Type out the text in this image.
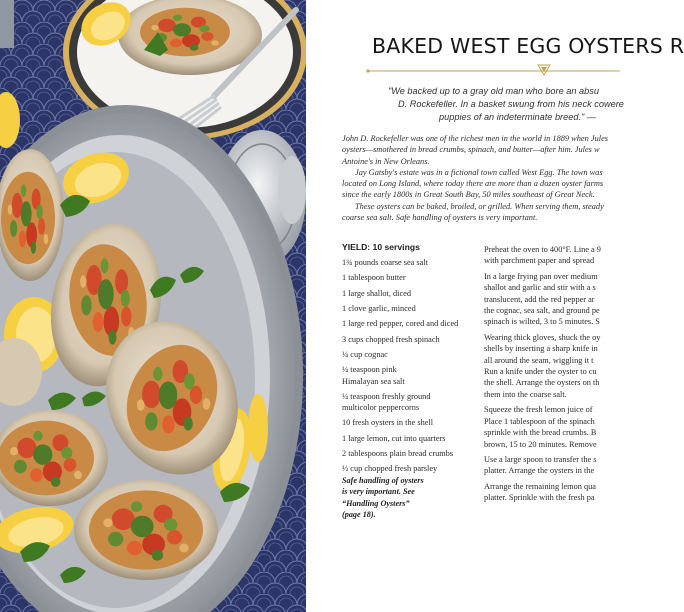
BAKED WEST EGG OYSTERS R
"We backed up to a gray old man who bore an absu
D. Rockefeller. In a basket swung from his neck cowere
puppies of an indeterminate breed." —
John D. Rockefeller was one of the richest men in the world in 1889 when Jules
oysters—smothered in bread crumbs, spinach, and butter—after him. Jules w
Antoine's in New Orleans.
Jay Gatsby's estate was in a fictional town called West Egg. The town was
located on Long Island, where today there are more than a dozen oyster farms
since the early 1800s in Great South Bay, 50 miles southeast of Great Neck.
These oysters can be baked, broiled, or grilled. When serving them, steady
coarse sea salt. Safe handling of oysters is very important.
YIELD: 10 servings
1¾ pounds coarse sea salt
1 tablespoon butter
1 large shallot, diced
1 clove garlic, minced
1 large red pepper, cored and diced
3 cups chopped fresh spinach
¼ cup cognac
¼ teaspoon pink
Himalayan sea salt
¼ teaspoon freshly ground
multicolor peppercorns
10 fresh oysters in the shell
1 large lemon, cut into quarters
2 tablespoons plain bread crumbs
½ cup chopped fresh parsley
Safe handling of oysters
is very important. See
“Handling Oysters”
(page 18).
Preheat the oven to 400°F. Line a 9
with parchment paper and spread
In a large frying pan over medium
shallot and garlic and stir with a s
translucent, add the red pepper ar
the cognac, sea salt, and ground pe
spinach is wilted, 3 to 5 minutes. S
Wearing thick gloves, shuck the oy
shells by inserting a sharp knife in
all around the seam, wiggling it t
Run a knife under the oyster to cu
the shell. Arrange the oysters on th
them into the coarse salt.
Squeeze the fresh lemon juice of
Place 1 tablespoon of the spinach
sprinkle with the bread crumbs. B
brown, 15 to 20 minutes. Remove
Use a large spoon to transfer the s
platter. Arrange the oysters in the
Arrange the remaining lemon qua
platter. Sprinkle with the fresh pa
